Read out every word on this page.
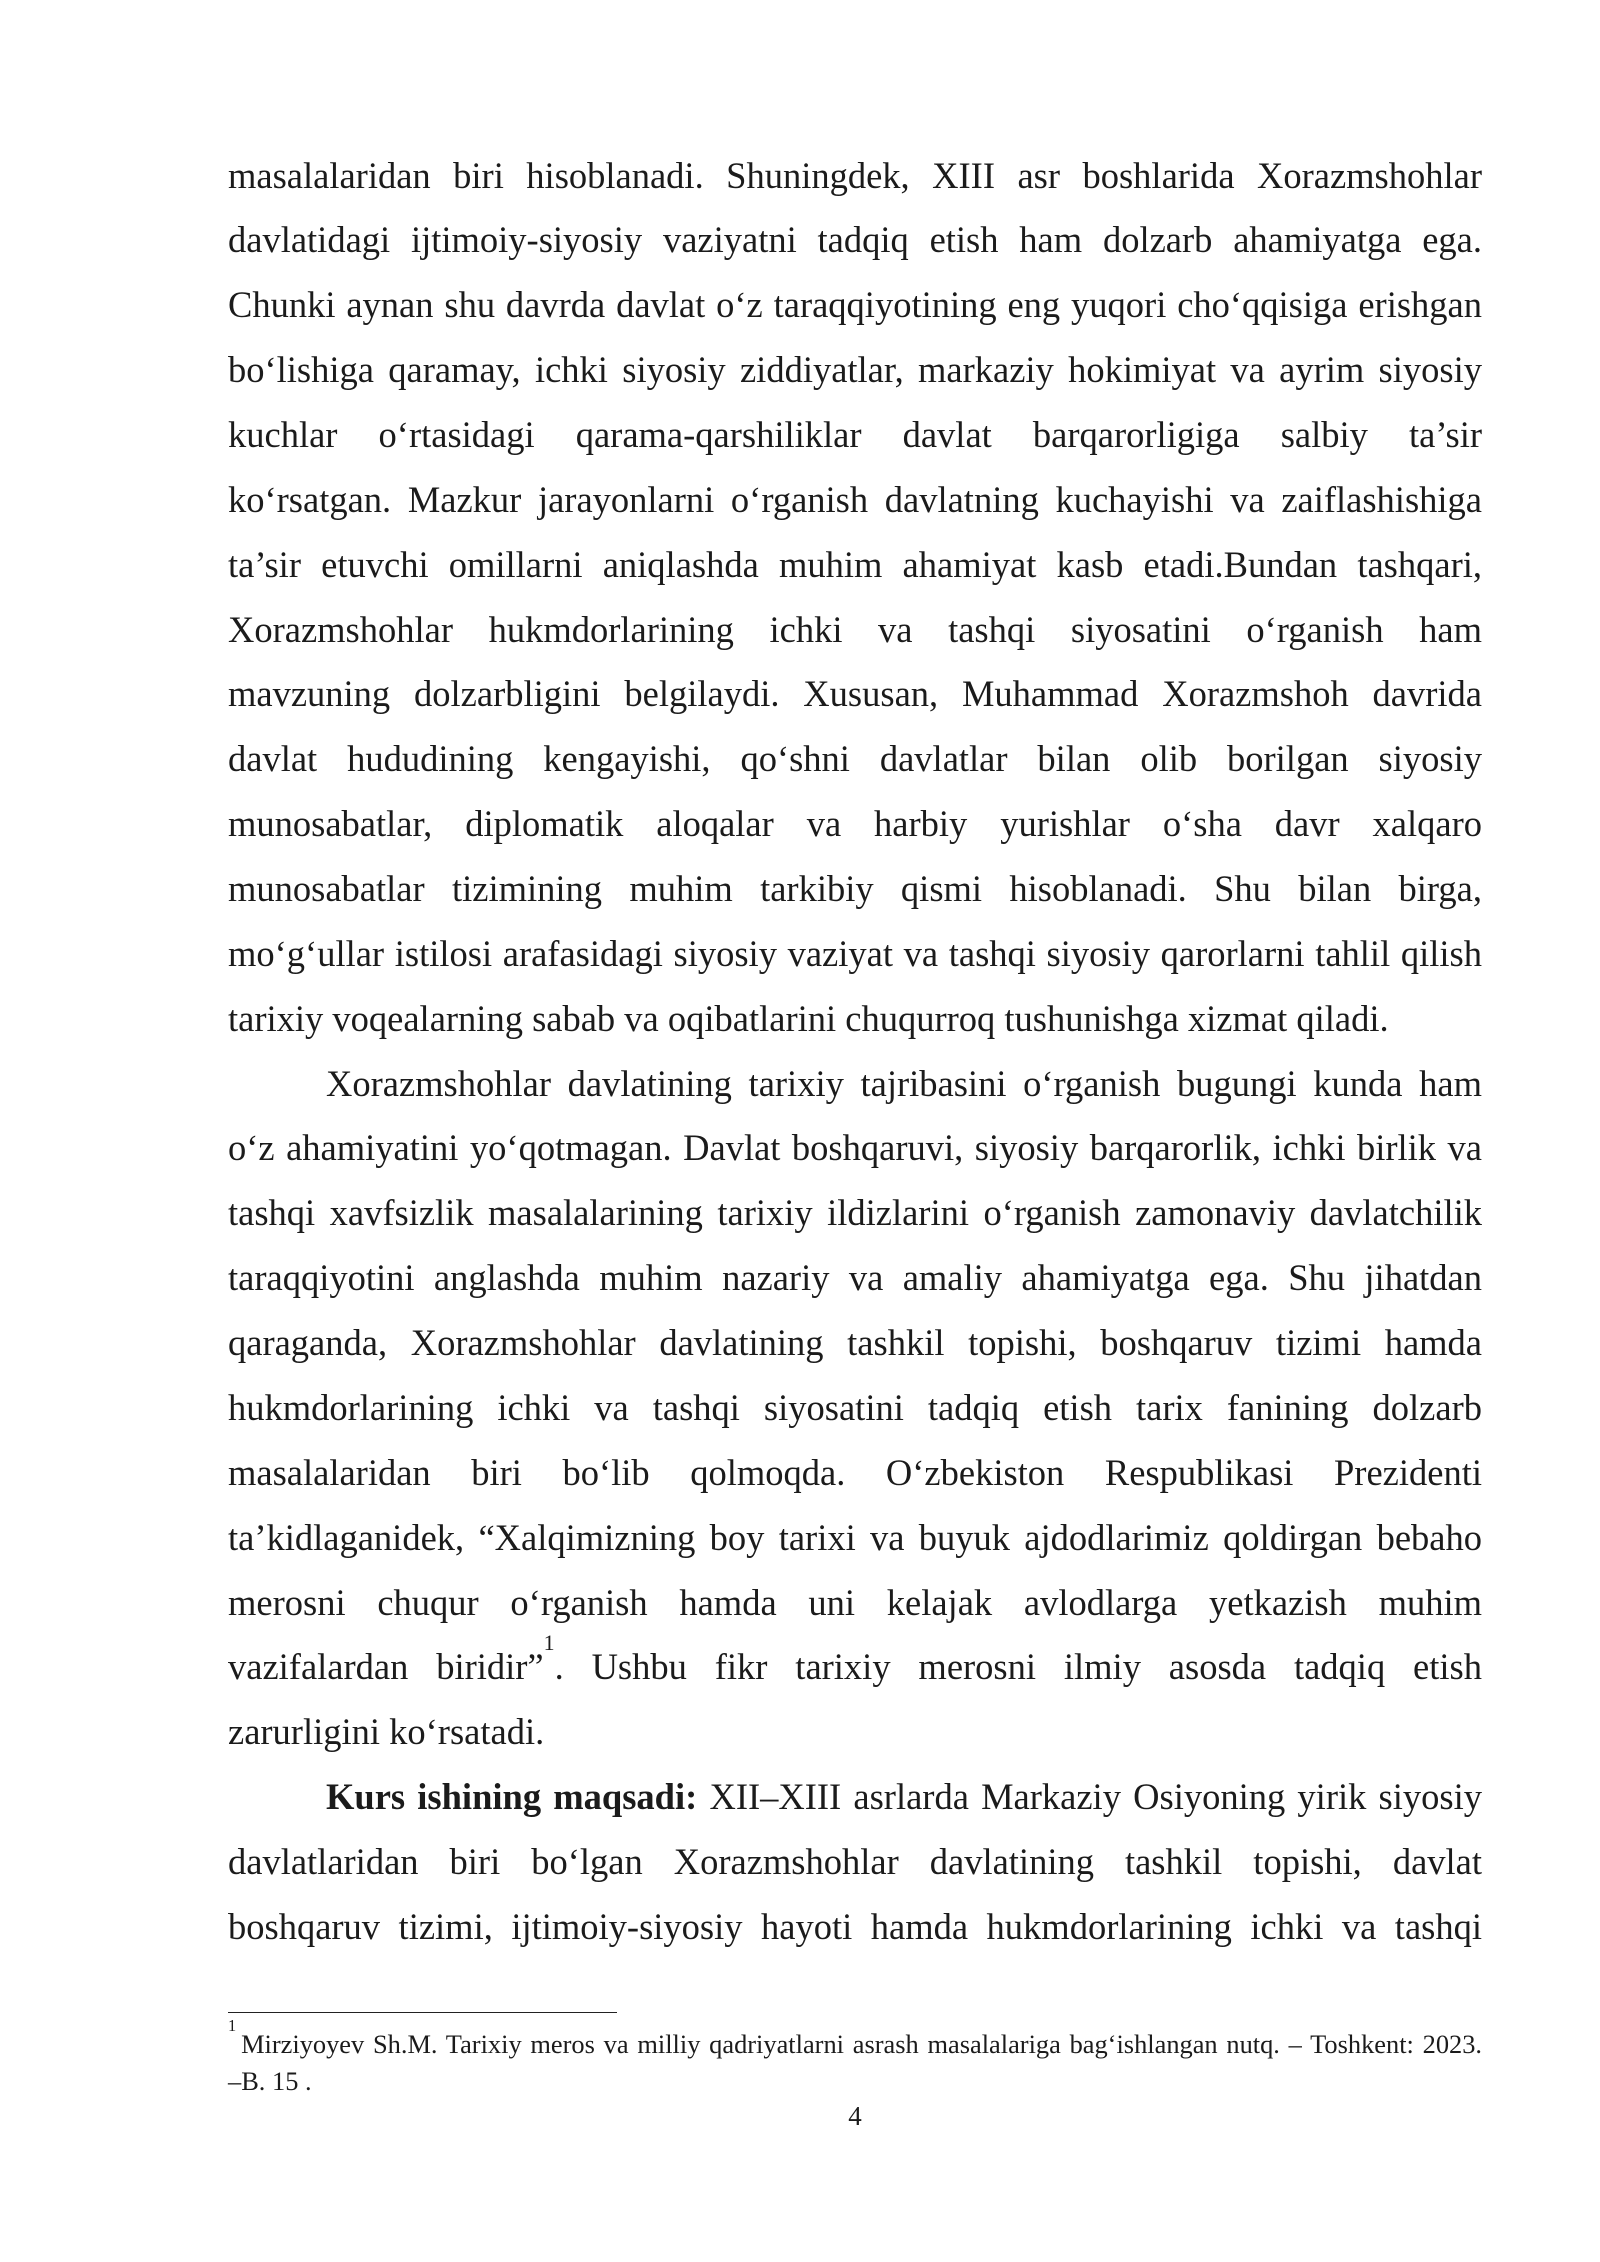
masalalaridan biri hisoblanadi. Shuningdek, XIII asr boshlarida Xorazmshohlar
davlatidagi ijtimoiy-siyosiy vaziyatni tadqiq etish ham dolzarb ahamiyatga ega.
Chunki aynan shu davrda davlat o‘z taraqqiyotining eng yuqori cho‘qqisiga erishgan
bo‘lishiga qaramay, ichki siyosiy ziddiyatlar, markaziy hokimiyat va ayrim siyosiy
kuchlar o‘rtasidagi qarama-qarshiliklar davlat barqarorligiga salbiy ta’sir
ko‘rsatgan. Mazkur jarayonlarni o‘rganish davlatning kuchayishi va zaiflashishiga
ta’sir etuvchi omillarni aniqlashda muhim ahamiyat kasb etadi.Bundan tashqari,
Xorazmshohlar hukmdorlarining ichki va tashqi siyosatini o‘rganish ham
mavzuning dolzarbligini belgilaydi. Xususan, Muhammad Xorazmshoh davrida
davlat hududining kengayishi, qo‘shni davlatlar bilan olib borilgan siyosiy
munosabatlar, diplomatik aloqalar va harbiy yurishlar o‘sha davr xalqaro
munosabatlar tizimining muhim tarkibiy qismi hisoblanadi. Shu bilan birga,
mo‘g‘ullar istilosi arafasidagi siyosiy vaziyat va tashqi siyosiy qarorlarni tahlil qilish
tarixiy voqealarning sabab va oqibatlarini chuqurroq tushunishga xizmat qiladi.
Xorazmshohlar davlatining tarixiy tajribasini o‘rganish bugungi kunda ham
o‘z ahamiyatini yo‘qotmagan. Davlat boshqaruvi, siyosiy barqarorlik, ichki birlik va
tashqi xavfsizlik masalalarining tarixiy ildizlarini o‘rganish zamonaviy davlatchilik
taraqqiyotini anglashda muhim nazariy va amaliy ahamiyatga ega. Shu jihatdan
qaraganda, Xorazmshohlar davlatining tashkil topishi, boshqaruv tizimi hamda
hukmdorlarining ichki va tashqi siyosatini tadqiq etish tarix fanining dolzarb
masalalaridan biri bo‘lib qolmoqda. O‘zbekiston Respublikasi Prezidenti
ta’kidlaganidek, “Xalqimizning boy tarixi va buyuk ajdodlarimiz qoldirgan bebaho
merosni chuqur o‘rganish hamda uni kelajak avlodlarga yetkazish muhim
vazifalardan biridir”$^1$. Ushbu fikr tarixiy merosni ilmiy asosda tadqiq etish
zarurligini ko‘rsatadi.
Kurs ishining maqsadi: XII–XIII asrlarda Markaziy Osiyoning yirik siyosiy
davlatlaridan biri bo‘lgan Xorazmshohlar davlatining tashkil topishi, davlat
boshqaruv tizimi, ijtimoiy-siyosiy hayoti hamda hukmdorlarining ichki va tashqi
$^1$Mirziyoyev Sh.M. Tarixiy meros va milliy qadriyatlarni asrash masalalariga bag‘ishlangan nutq. – Toshkent: 2023.
–B. 15 .
4
